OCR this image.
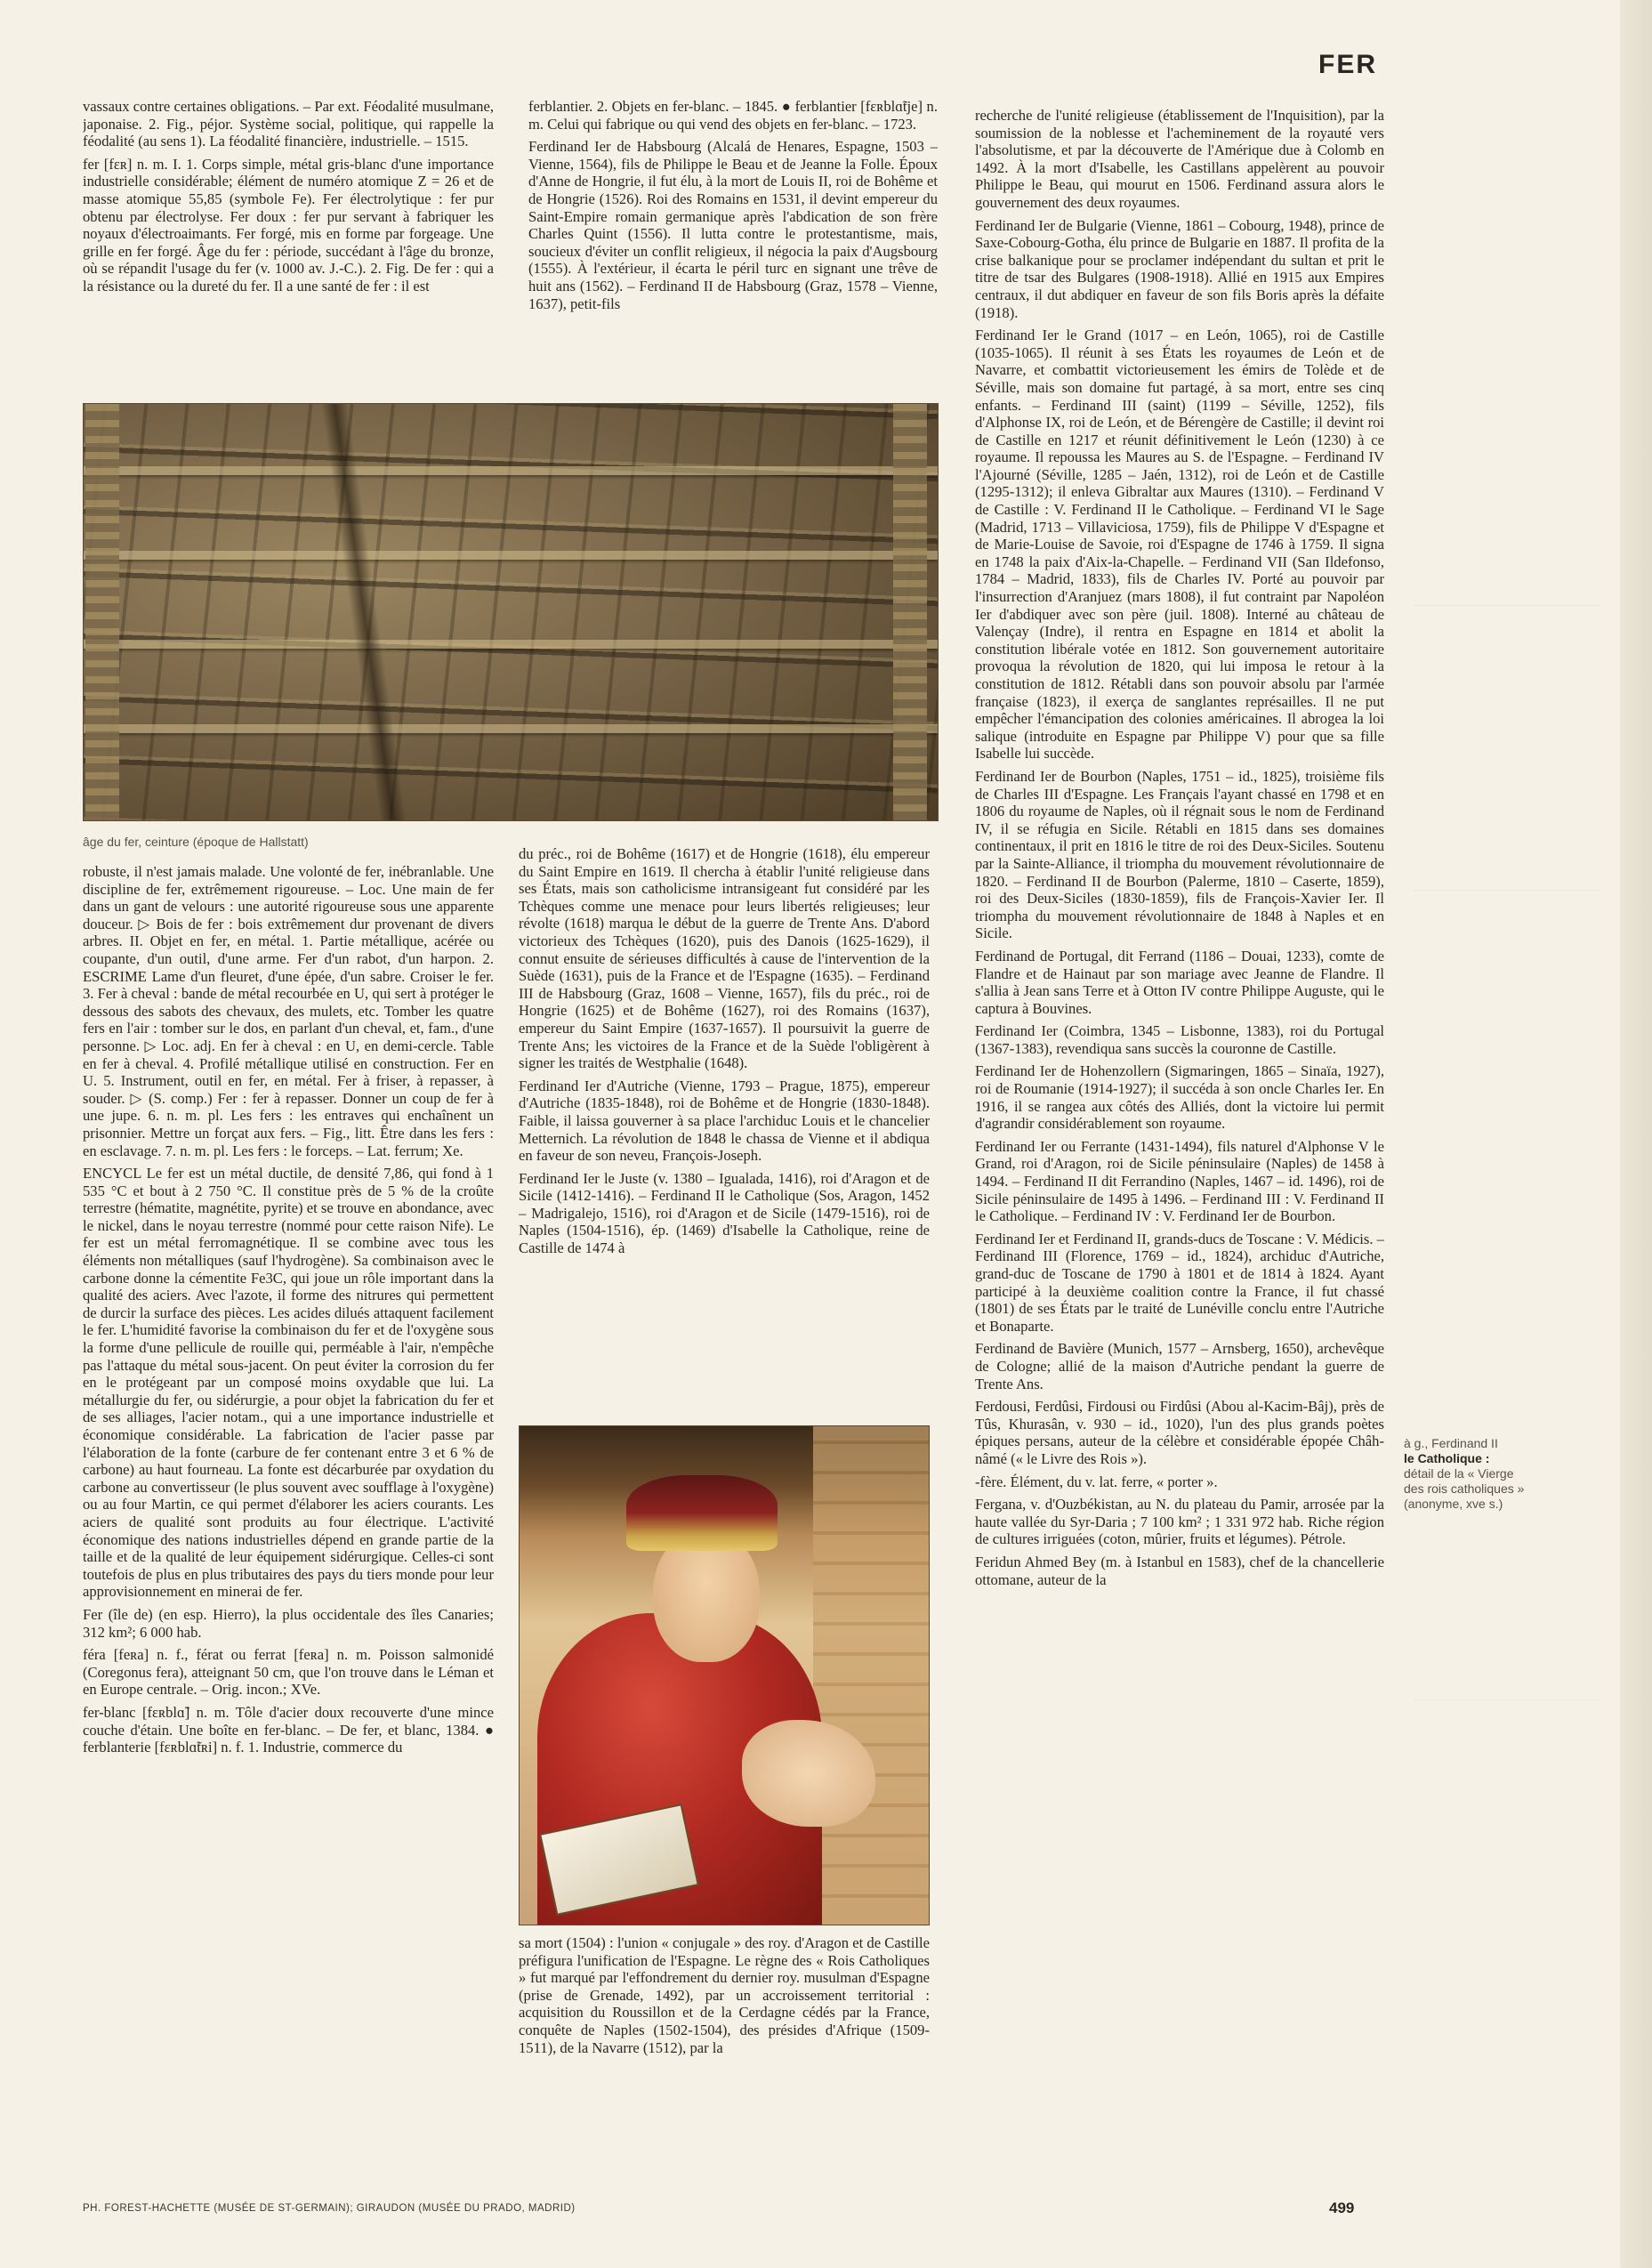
FER

vassaux contre certaines obligations. – Par ext. Féodalité musulmane, japonaise. 2. Fig., péjor. Système social, politique, qui rappelle la féodalité (au sens 1). La féodalité financière, industrielle. – 1515.

fer [fɛʀ] n. m. I. 1. Corps simple, métal gris-blanc d'une importance industrielle considérable; élément de numéro atomique Z = 26 et de masse atomique 55,85 (symbole Fe). Fer électrolytique : fer pur obtenu par électrolyse. Fer doux : fer pur servant à fabriquer les noyaux d'électroaimants. Fer forgé, mis en forme par forgeage. Une grille en fer forgé. Âge du fer : période, succédant à l'âge du bronze, où se répandit l'usage du fer (v. 1000 av. J.-C.). 2. Fig. De fer : qui a la résistance ou la dureté du fer. Il a une santé de fer : il est

ferblantier. 2. Objets en fer-blanc. – 1845. ● ferblantier [fɛʀblɑ̃tje] n. m. Celui qui fabrique ou qui vend des objets en fer-blanc. – 1723.

Ferdinand Ier de Habsbourg (Alcalá de Henares, Espagne, 1503 – Vienne, 1564), fils de Philippe le Beau et de Jeanne la Folle. Époux d'Anne de Hongrie, il fut élu, à la mort de Louis II, roi de Bohême et de Hongrie (1526). Roi des Romains en 1531, il devint empereur du Saint-Empire romain germanique après l'abdication de son frère Charles Quint (1556). Il lutta contre le protestantisme, mais, soucieux d'éviter un conflit religieux, il négocia la paix d'Augsbourg (1555). À l'extérieur, il écarta le péril turc en signant une trêve de huit ans (1562). – Ferdinand II de Habsbourg (Graz, 1578 – Vienne, 1637), petit-fils

âge du fer, ceinture (époque de Hallstatt)

robuste, il n'est jamais malade. Une volonté de fer, inébranlable. Une discipline de fer, extrêmement rigoureuse. – Loc. Une main de fer dans un gant de velours : une autorité rigoureuse sous une apparente douceur. ▷ Bois de fer : bois extrêmement dur provenant de divers arbres. II. Objet en fer, en métal. 1. Partie métallique, acérée ou coupante, d'un outil, d'une arme. Fer d'un rabot, d'un harpon. 2. ESCRIME Lame d'un fleuret, d'une épée, d'un sabre. Croiser le fer. 3. Fer à cheval : bande de métal recourbée en U, qui sert à protéger le dessous des sabots des chevaux, des mulets, etc. Tomber les quatre fers en l'air : tomber sur le dos, en parlant d'un cheval, et, fam., d'une personne. ▷ Loc. adj. En fer à cheval : en U, en demi-cercle. Table en fer à cheval. 4. Profilé métallique utilisé en construction. Fer en U. 5. Instrument, outil en fer, en métal. Fer à friser, à repasser, à souder. ▷ (S. comp.) Fer : fer à repasser. Donner un coup de fer à une jupe. 6. n. m. pl. Les fers : les entraves qui enchaînent un prisonnier. Mettre un forçat aux fers. – Fig., litt. Être dans les fers : en esclavage. 7. n. m. pl. Les fers : le forceps. – Lat. ferrum; Xe.

ENCYCL Le fer est un métal ductile, de densité 7,86, qui fond à 1 535 °C et bout à 2 750 °C. Il constitue près de 5 % de la croûte terrestre (hématite, magnétite, pyrite) et se trouve en abondance, avec le nickel, dans le noyau terrestre (nommé pour cette raison Nife). Le fer est un métal ferromagnétique. Il se combine avec tous les éléments non métalliques (sauf l'hydrogène). Sa combinaison avec le carbone donne la cémentite Fe3C, qui joue un rôle important dans la qualité des aciers. Avec l'azote, il forme des nitrures qui permettent de durcir la surface des pièces. Les acides dilués attaquent facilement le fer. L'humidité favorise la combinaison du fer et de l'oxygène sous la forme d'une pellicule de rouille qui, perméable à l'air, n'empêche pas l'attaque du métal sous-jacent. On peut éviter la corrosion du fer en le protégeant par un composé moins oxydable que lui. La métallurgie du fer, ou sidérurgie, a pour objet la fabrication du fer et de ses alliages, l'acier notam., qui a une importance industrielle et économique considérable. La fabrication de l'acier passe par l'élaboration de la fonte (carbure de fer contenant entre 3 et 6 % de carbone) au haut fourneau. La fonte est décarburée par oxydation du carbone au convertisseur (le plus souvent avec soufflage à l'oxygène) ou au four Martin, ce qui permet d'élaborer les aciers courants. Les aciers de qualité sont produits au four électrique. L'activité économique des nations industrielles dépend en grande partie de la taille et de la qualité de leur équipement sidérurgique. Celles-ci sont toutefois de plus en plus tributaires des pays du tiers monde pour leur approvisionnement en minerai de fer.

Fer (île de) (en esp. Hierro), la plus occidentale des îles Canaries; 312 km²; 6 000 hab.

féra [feʀa] n. f., férat ou ferrat [feʀa] n. m. Poisson salmonidé (Coregonus fera), atteignant 50 cm, que l'on trouve dans le Léman et en Europe centrale. – Orig. incon.; XVe.

fer-blanc [fɛʀblɑ̃] n. m. Tôle d'acier doux recouverte d'une mince couche d'étain. Une boîte en fer-blanc. – De fer, et blanc, 1384. ● ferblanterie [fɛʀblɑ̃tʀi] n. f. 1. Industrie, commerce du

du préc., roi de Bohême (1617) et de Hongrie (1618), élu empereur du Saint Empire en 1619. Il chercha à établir l'unité religieuse dans ses États, mais son catholicisme intransigeant fut considéré par les Tchèques comme une menace pour leurs libertés religieuses; leur révolte (1618) marqua le début de la guerre de Trente Ans. D'abord victorieux des Tchèques (1620), puis des Danois (1625-1629), il connut ensuite de sérieuses difficultés à cause de l'intervention de la Suède (1631), puis de la France et de l'Espagne (1635). – Ferdinand III de Habsbourg (Graz, 1608 – Vienne, 1657), fils du préc., roi de Hongrie (1625) et de Bohême (1627), roi des Romains (1637), empereur du Saint Empire (1637-1657). Il poursuivit la guerre de Trente Ans; les victoires de la France et de la Suède l'obligèrent à signer les traités de Westphalie (1648).

Ferdinand Ier d'Autriche (Vienne, 1793 – Prague, 1875), empereur d'Autriche (1835-1848), roi de Bohême et de Hongrie (1830-1848). Faible, il laissa gouverner à sa place l'archiduc Louis et le chancelier Metternich. La révolution de 1848 le chassa de Vienne et il abdiqua en faveur de son neveu, François-Joseph.

Ferdinand Ier le Juste (v. 1380 – Igualada, 1416), roi d'Aragon et de Sicile (1412-1416). – Ferdinand II le Catholique (Sos, Aragon, 1452 – Madrigalejo, 1516), roi d'Aragon et de Sicile (1479-1516), roi de Naples (1504-1516), ép. (1469) d'Isabelle la Catholique, reine de Castille de 1474 à

sa mort (1504) : l'union « conjugale » des roy. d'Aragon et de Castille préfigura l'unification de l'Espagne. Le règne des « Rois Catholiques » fut marqué par l'effondrement du dernier roy. musulman d'Espagne (prise de Grenade, 1492), par un accroissement territorial : acquisition du Roussillon et de la Cerdagne cédés par la France, conquête de Naples (1502-1504), des présides d'Afrique (1509-1511), de la Navarre (1512), par la

recherche de l'unité religieuse (établissement de l'Inquisition), par la soumission de la noblesse et l'acheminement de la royauté vers l'absolutisme, et par la découverte de l'Amérique due à Colomb en 1492. À la mort d'Isabelle, les Castillans appelèrent au pouvoir Philippe le Beau, qui mourut en 1506. Ferdinand assura alors le gouvernement des deux royaumes.

Ferdinand Ier de Bulgarie (Vienne, 1861 – Cobourg, 1948), prince de Saxe-Cobourg-Gotha, élu prince de Bulgarie en 1887. Il profita de la crise balkanique pour se proclamer indépendant du sultan et prit le titre de tsar des Bulgares (1908-1918). Allié en 1915 aux Empires centraux, il dut abdiquer en faveur de son fils Boris après la défaite (1918).

Ferdinand Ier le Grand (1017 – en León, 1065), roi de Castille (1035-1065). Il réunit à ses États les royaumes de León et de Navarre, et combattit victorieusement les émirs de Tolède et de Séville, mais son domaine fut partagé, à sa mort, entre ses cinq enfants. – Ferdinand III (saint) (1199 – Séville, 1252), fils d'Alphonse IX, roi de León, et de Bérengère de Castille; il devint roi de Castille en 1217 et réunit définitivement le León (1230) à ce royaume. Il repoussa les Maures au S. de l'Espagne. – Ferdinand IV l'Ajourné (Séville, 1285 – Jaén, 1312), roi de León et de Castille (1295-1312); il enleva Gibraltar aux Maures (1310). – Ferdinand V de Castille : V. Ferdinand II le Catholique. – Ferdinand VI le Sage (Madrid, 1713 – Villaviciosa, 1759), fils de Philippe V d'Espagne et de Marie-Louise de Savoie, roi d'Espagne de 1746 à 1759. Il signa en 1748 la paix d'Aix-la-Chapelle. – Ferdinand VII (San Ildefonso, 1784 – Madrid, 1833), fils de Charles IV. Porté au pouvoir par l'insurrection d'Aranjuez (mars 1808), il fut contraint par Napoléon Ier d'abdiquer avec son père (juil. 1808). Interné au château de Valençay (Indre), il rentra en Espagne en 1814 et abolit la constitution libérale votée en 1812. Son gouvernement autoritaire provoqua la révolution de 1820, qui lui imposa le retour à la constitution de 1812. Rétabli dans son pouvoir absolu par l'armée française (1823), il exerça de sanglantes représailles. Il ne put empêcher l'émancipation des colonies américaines. Il abrogea la loi salique (introduite en Espagne par Philippe V) pour que sa fille Isabelle lui succède.

Ferdinand Ier de Bourbon (Naples, 1751 – id., 1825), troisième fils de Charles III d'Espagne. Les Français l'ayant chassé en 1798 et en 1806 du royaume de Naples, où il régnait sous le nom de Ferdinand IV, il se réfugia en Sicile. Rétabli en 1815 dans ses domaines continentaux, il prit en 1816 le titre de roi des Deux-Siciles. Soutenu par la Sainte-Alliance, il triompha du mouvement révolutionnaire de 1820. – Ferdinand II de Bourbon (Palerme, 1810 – Caserte, 1859), roi des Deux-Siciles (1830-1859), fils de François-Xavier Ier. Il triompha du mouvement révolutionnaire de 1848 à Naples et en Sicile.

Ferdinand de Portugal, dit Ferrand (1186 – Douai, 1233), comte de Flandre et de Hainaut par son mariage avec Jeanne de Flandre. Il s'allia à Jean sans Terre et à Otton IV contre Philippe Auguste, qui le captura à Bouvines.

Ferdinand Ier (Coimbra, 1345 – Lisbonne, 1383), roi du Portugal (1367-1383), revendiqua sans succès la couronne de Castille.

Ferdinand Ier de Hohenzollern (Sigmaringen, 1865 – Sinaïa, 1927), roi de Roumanie (1914-1927); il succéda à son oncle Charles Ier. En 1916, il se rangea aux côtés des Alliés, dont la victoire lui permit d'agrandir considérablement son royaume.

Ferdinand Ier ou Ferrante (1431-1494), fils naturel d'Alphonse V le Grand, roi d'Aragon, roi de Sicile péninsulaire (Naples) de 1458 à 1494. – Ferdinand II dit Ferrandino (Naples, 1467 – id. 1496), roi de Sicile péninsulaire de 1495 à 1496. – Ferdinand III : V. Ferdinand II le Catholique. – Ferdinand IV : V. Ferdinand Ier de Bourbon.

Ferdinand Ier et Ferdinand II, grands-ducs de Toscane : V. Médicis. – Ferdinand III (Florence, 1769 – id., 1824), archiduc d'Autriche, grand-duc de Toscane de 1790 à 1801 et de 1814 à 1824. Ayant participé à la deuxième coalition contre la France, il fut chassé (1801) de ses États par le traité de Lunéville conclu entre l'Autriche et Bonaparte.

Ferdinand de Bavière (Munich, 1577 – Arnsberg, 1650), archevêque de Cologne; allié de la maison d'Autriche pendant la guerre de Trente Ans.

Ferdousi, Ferdûsi, Firdousi ou Firdûsi (Abou al-Kacim-Bâj), près de Tûs, Khurasân, v. 930 – id., 1020), l'un des plus grands poètes épiques persans, auteur de la célèbre et considérable épopée Châh-nâmé (« le Livre des Rois »).

-fère. Élément, du v. lat. ferre, « porter ».

Fergana, v. d'Ouzbékistan, au N. du plateau du Pamir, arrosée par la haute vallée du Syr-Daria ; 7 100 km² ; 1 331 972 hab. Riche région de cultures irriguées (coton, mûrier, fruits et légumes). Pétrole.

Feridun Ahmed Bey (m. à Istanbul en 1583), chef de la chancellerie ottomane, auteur de la

à g., Ferdinand II
le Catholique :
détail de la « Vierge
des rois catholiques »
(anonyme, xve s.)
PH. FOREST-HACHETTE (MUSÉE DE ST-GERMAIN); GIRAUDON (MUSÉE DU PRADO, MADRID)	499
